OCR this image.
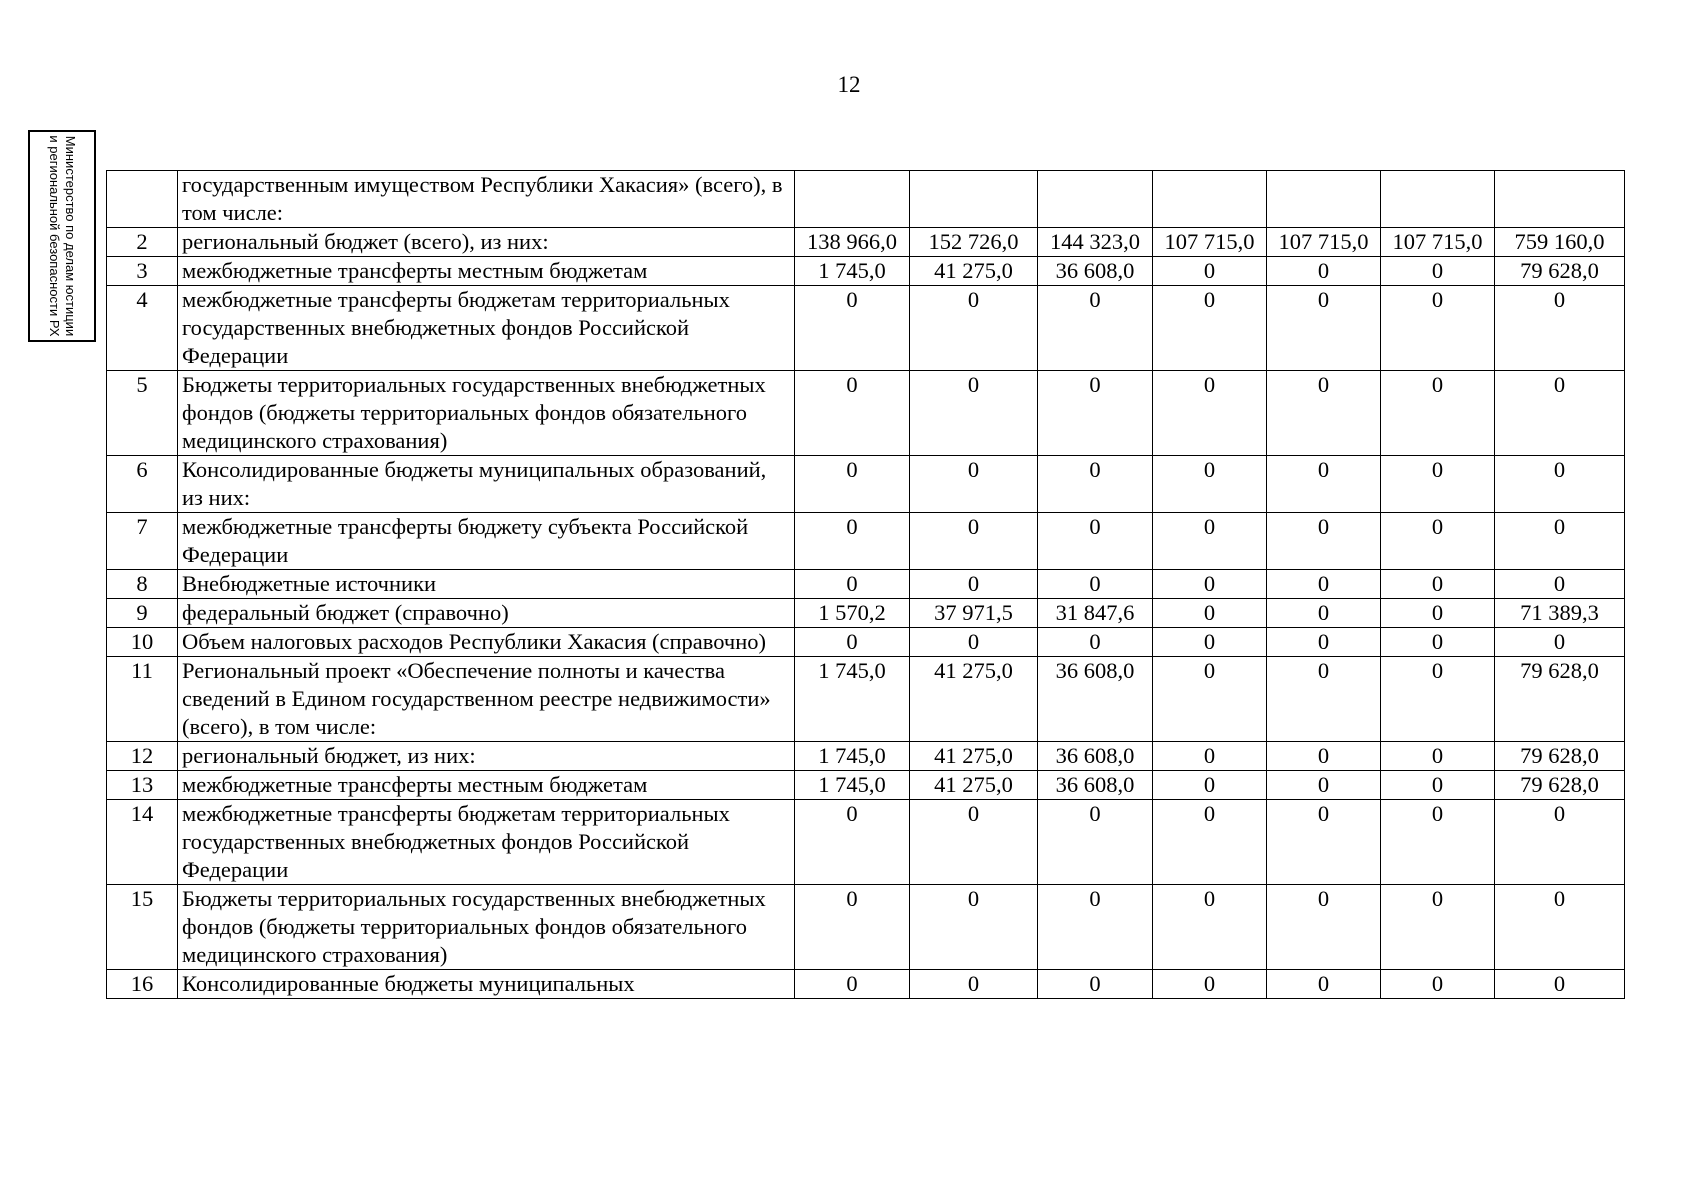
12
Министерство по делам юстиции и региональной безопасности РХ
		государственным имуществом Республики Хакасия» (всего), в том числе:							
2	региональный бюджет (всего), из них:	138 966,0	152 726,0	144 323,0	107 715,0	107 715,0	107 715,0	759 160,0
3	межбюджетные трансферты местным бюджетам	1 745,0	41 275,0	36 608,0	0	0	0	79 628,0
4	межбюджетные трансферты бюджетам территориальных государственных внебюджетных фондов Российской Федерации	0	0	0	0	0	0	0
5	Бюджеты территориальных государственных внебюджетных фондов (бюджеты территориальных фондов обязательного медицинского страхования)	0	0	0	0	0	0	0
6	Консолидированные бюджеты муниципальных образований, из них:	0	0	0	0	0	0	0
7	межбюджетные трансферты бюджету субъекта Российской Федерации	0	0	0	0	0	0	0
8	Внебюджетные источники	0	0	0	0	0	0	0
9	федеральный бюджет (справочно)	1 570,2	37 971,5	31 847,6	0	0	0	71 389,3
10	Объем налоговых расходов Республики Хакасия (справочно)	0	0	0	0	0	0	0
11	Региональный проект «Обеспечение полноты и качества сведений в Едином государственном реестре недвижимости» (всего), в том числе:	1 745,0	41 275,0	36 608,0	0	0	0	79 628,0
12	региональный бюджет, из них:	1 745,0	41 275,0	36 608,0	0	0	0	79 628,0
13	межбюджетные трансферты местным бюджетам	1 745,0	41 275,0	36 608,0	0	0	0	79 628,0
14	межбюджетные трансферты бюджетам территориальных государственных внебюджетных фондов Российской Федерации	0	0	0	0	0	0	0
15	Бюджеты территориальных государственных внебюджетных фондов (бюджеты территориальных фондов обязательного медицинского страхования)	0	0	0	0	0	0	0
16	Консолидированные бюджеты муниципальных	0	0	0	0	0	0	0
